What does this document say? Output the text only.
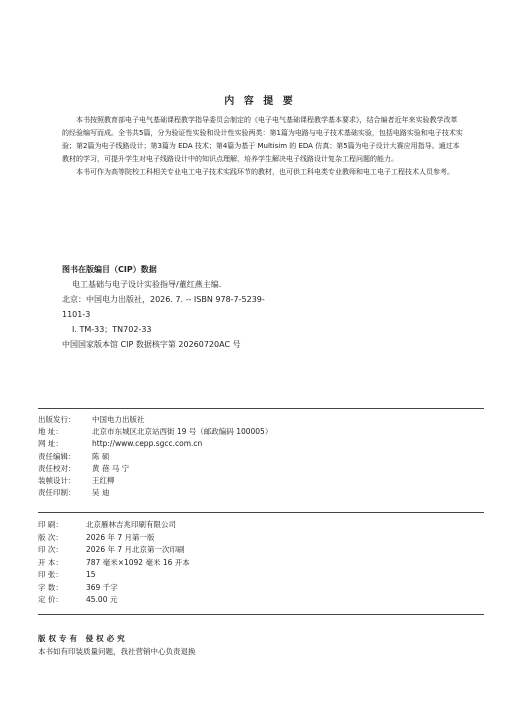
内 容 提 要

本书按照教育部电子电气基础课程教学指导委员会制定的《电子电气基础课程教学基本要求》，结合编者近年来实验教学改革的经验编写而成。全书共5篇，分为验证性实验和设计性实验两类：第1篇为电路与电子技术基础实验，包括电路实验和电子技术实验；第2篇为电子线路设计；第3篇为 EDA 技术；第4篇为基于 Multisim 的 EDA 仿真；第5篇为电子设计大赛应用指导。通过本教材的学习，可提升学生对电子线路设计中的知识点理解，培养学生解决电子线路设计复杂工程问题的能力。

本书可作为高等院校工科相关专业电工电子技术实践环节的教材，也可供工科电类专业教师和电工电子工程技术人员参考。

图书在版编目（CIP）数据
电工基础与电子设计实验指导/董红燕主编.
北京：中国电力出版社，2026. 7. -- ISBN 978-7-5239-
1101-3
Ⅰ. TM-33；TN702-33
中国国家版本馆 CIP 数据核字第 20260720AC 号
出版发行： 中国电力出版社
地 址：	北京市东城区北京站西街 19 号（邮政编码 100005）
网 址：	http://www.cepp.sgcc.com.cn
责任编辑： 陈 硕
责任校对： 黄 蓓 马 宁
装帧设计： 王红柳
责任印制： 吴 迪
印 刷：	北京雁林吉兆印刷有限公司
版 次：	2026 年 7 月第一版
印 次：	2026 年 7 月北京第一次印刷
开 本：	787 毫米×1092 毫米 16 开本
印 张：	15
字 数：	369 千字
定 价：	45.00 元
版权专有 侵权必究
本书如有印装质量问题，我社营销中心负责退换
